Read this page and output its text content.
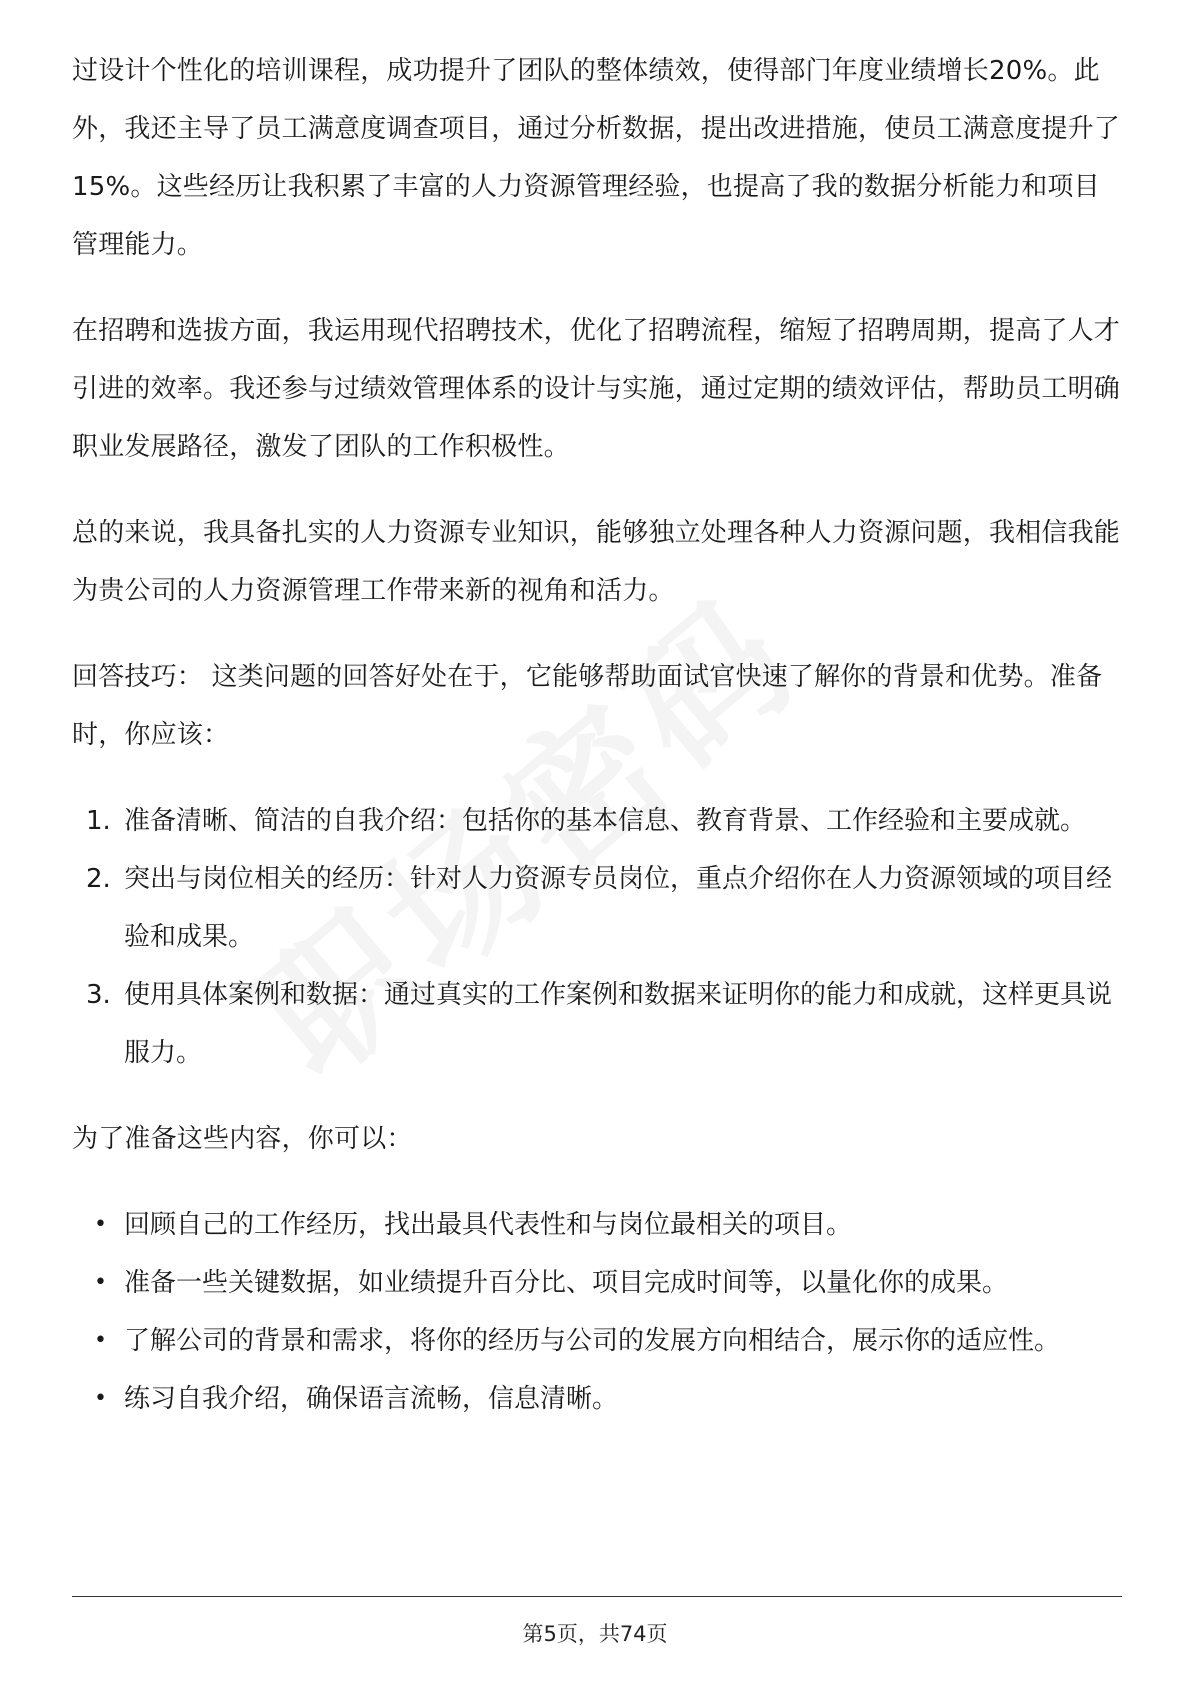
过设计个性化的培训课程，成功提升了团队的整体绩效，使得部门年度业绩增长20%。此外，我还主导了员工满意度调查项目，通过分析数据，提出改进措施，使员工满意度提升了15%。这些经历让我积累了丰富的人力资源管理经验，也提高了我的数据分析能力和项目管理能力。

在招聘和选拔方面，我运用现代招聘技术，优化了招聘流程，缩短了招聘周期，提高了人才引进的效率。我还参与过绩效管理体系的设计与实施，通过定期的绩效评估，帮助员工明确职业发展路径，激发了团队的工作积极性。

总的来说，我具备扎实的人力资源专业知识，能够独立处理各种人力资源问题，我相信我能为贵公司的人力资源管理工作带来新的视角和活力。

回答技巧： 这类问题的回答好处在于，它能够帮助面试官快速了解你的背景和优势。准备时，你应该：

1. 准备清晰、简洁的自我介绍：包括你的基本信息、教育背景、工作经验和主要成就。
2. 突出与岗位相关的经历：针对人力资源专员岗位，重点介绍你在人力资源领域的项目经验和成果。
3. 使用具体案例和数据：通过真实的工作案例和数据来证明你的能力和成就，这样更具说服力。

为了准备这些内容，你可以：

• 回顾自己的工作经历，找出最具代表性和与岗位最相关的项目。
• 准备一些关键数据，如业绩提升百分比、项目完成时间等，以量化你的成果。
• 了解公司的背景和需求，将你的经历与公司的发展方向相结合，展示你的适应性。
• 练习自我介绍，确保语言流畅，信息清晰。
第5页，共74页
